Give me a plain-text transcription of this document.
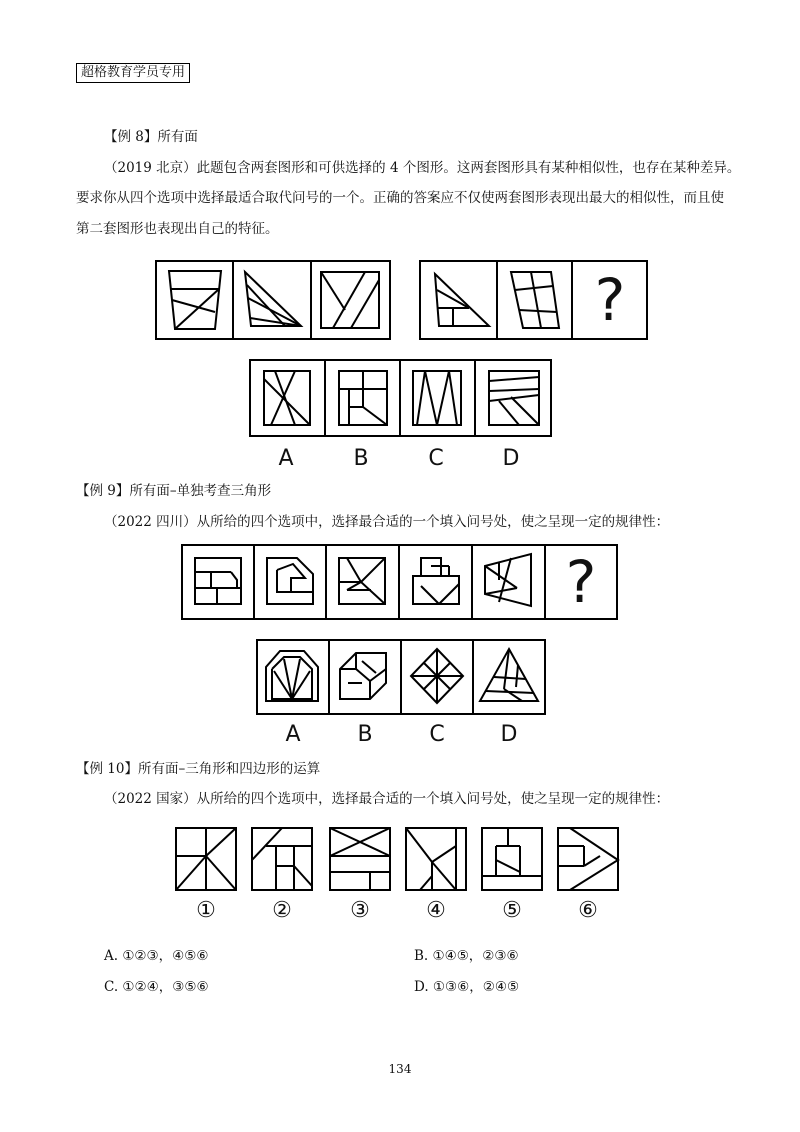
超格教育学员专用
【例 8】所有面
（2019 北京）此题包含两套图形和可供选择的 4 个图形。这两套图形具有某种相似性，也存在某种差异。
要求你从四个选项中选择最适合取代问号的一个。正确的答案应不仅使两套图形表现出最大的相似性，而且使
第二套图形也表现出自己的特征。
?
A	B	C	D
【例 9】所有面–单独考查三角形
（2022 四川）从所给的四个选项中，选择最合适的一个填入问号处，使之呈现一定的规律性：
?
A	B	C	D
【例 10】所有面–三角形和四边形的运算
（2022 国家）从所给的四个选项中，选择最合适的一个填入问号处，使之呈现一定的规律性：
①	②	③	④	⑤	⑥
A. ①②③，④⑤⑥	B. ①④⑤，②③⑥
C. ①②④，③⑤⑥	D. ①③⑥，②④⑤
134
